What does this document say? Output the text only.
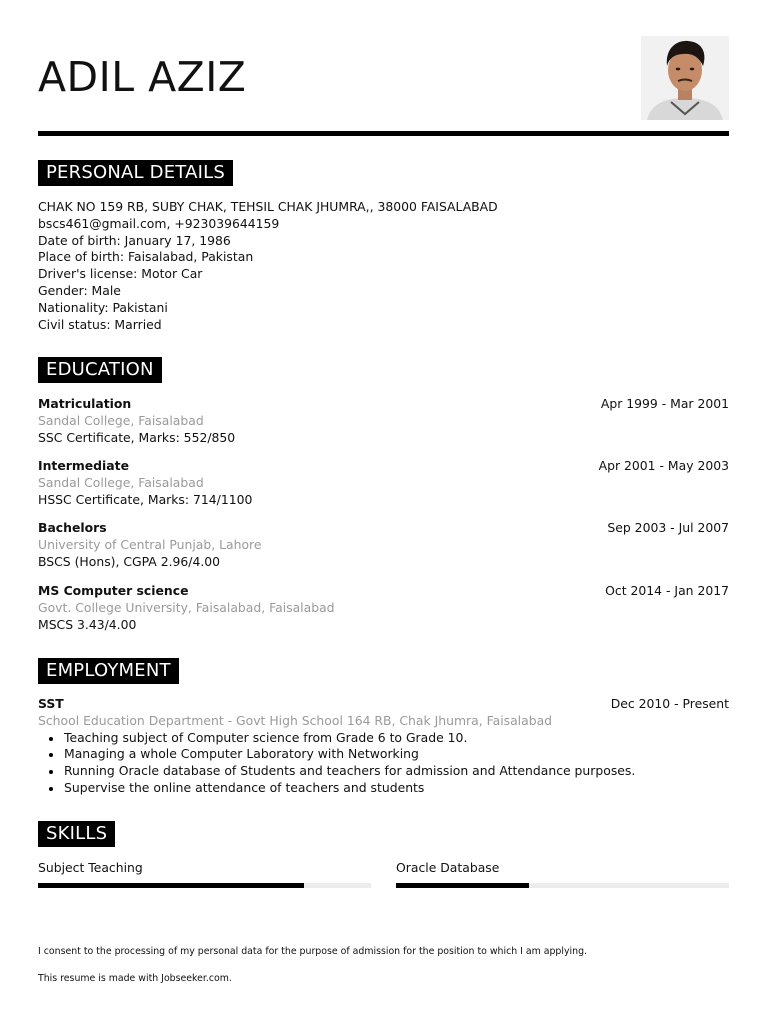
ADIL AZIZ
PERSONAL DETAILS
CHAK NO 159 RB, SUBY CHAK, TEHSIL CHAK JHUMRA,, 38000 FAISALABAD
bscs461@gmail.com, +923039644159
Date of birth: January 17, 1986
Place of birth: Faisalabad, Pakistan
Driver's license: Motor Car
Gender: Male
Nationality: Pakistani
Civil status: Married
EDUCATION
Matriculation	Apr 1999 - Mar 2001
Sandal College, Faisalabad
SSC Certificate, Marks: 552/850
Intermediate	Apr 2001 - May 2003
Sandal College, Faisalabad
HSSC Certificate, Marks: 714/1100
Bachelors	Sep 2003 - Jul 2007
University of Central Punjab, Lahore
BSCS (Hons), CGPA 2.96/4.00
MS Computer science	Oct 2014 - Jan 2017
Govt. College University, Faisalabad, Faisalabad
MSCS 3.43/4.00
EMPLOYMENT
SST	Dec 2010 - Present
School Education Department - Govt High School 164 RB, Chak Jhumra, Faisalabad
Teaching subject of Computer science from Grade 6 to Grade 10.
Managing a whole Computer Laboratory with Networking
Running Oracle database of Students and teachers for admission and Attendance purposes.
Supervise the online attendance of teachers and students
SKILLS
Subject Teaching	Oracle Database
I consent to the processing of my personal data for the purpose of admission for the position to which I am applying.
This resume is made with Jobseeker.com.
